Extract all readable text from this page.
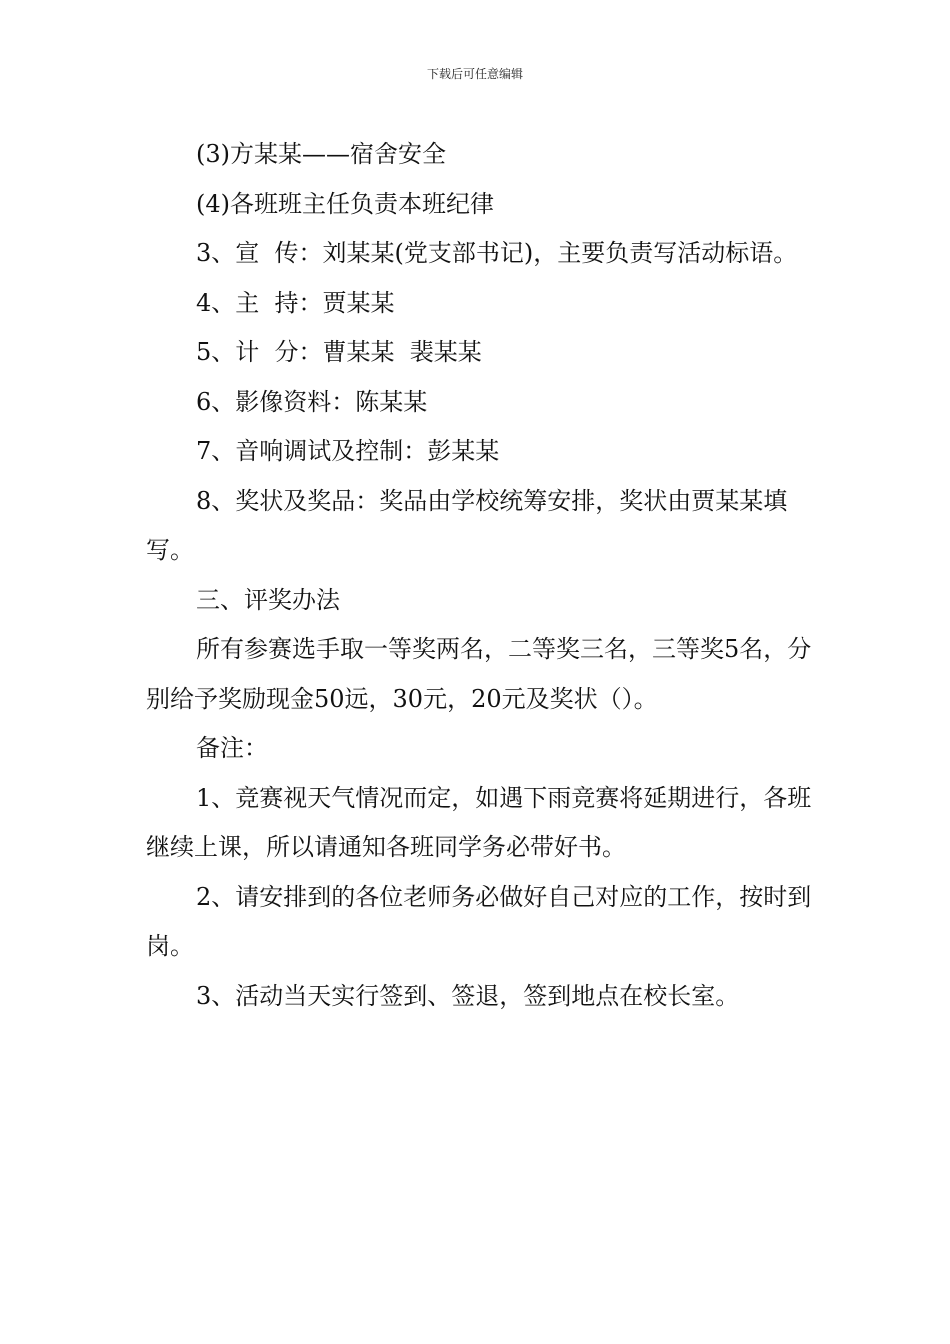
下载后可任意编辑

(3)方某某——宿舍安全

(4)各班班主任负责本班纪律

3、宣  传：刘某某(党支部书记)，主要负责写活动标语。

4、主  持：贾某某

5、计  分：曹某某  裴某某

6、影像资料：陈某某

7、音响调试及控制：彭某某

8、奖状及奖品：奖品由学校统筹安排，奖状由贾某某填写。

三、评奖办法

所有参赛选手取一等奖两名，二等奖三名，三等奖5名，分别给予奖励现金50远，30元，20元及奖状（）。

备注：

1、竞赛视天气情况而定，如遇下雨竞赛将延期进行，各班继续上课，所以请通知各班同学务必带好书。

2、请安排到的各位老师务必做好自己对应的工作，按时到岗。

3、活动当天实行签到、签退，签到地点在校长室。
